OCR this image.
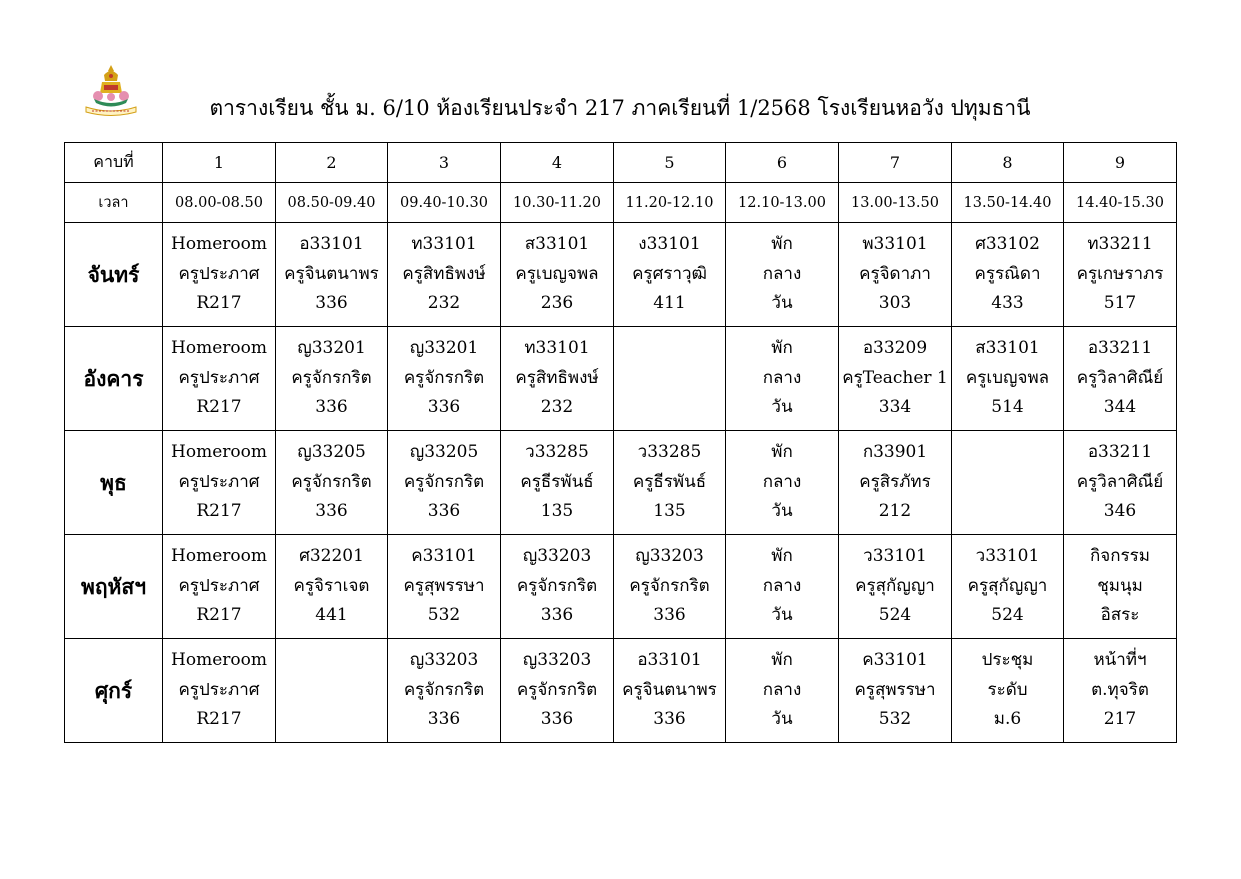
ตารางเรียน ชั้น ม. 6/10 ห้องเรียนประจำ 217 ภาคเรียนที่ 1/2568 โรงเรียนหอวัง ปทุมธานี
คาบที่	1	2	3	4	5	6	7	8	9
เวลา	08.00-08.50	08.50-09.40	09.40-10.30	10.30-11.20	11.20-12.10	12.10-13.00	13.00-13.50	13.50-14.40	14.40-15.30
จันทร์	Homeroom
ครูประภาศ
R217	อ33101
ครูจินตนาพร
336	ท33101
ครูสิทธิพงษ์
232	ส33101
ครูเบญจพล
236	ง33101
ครูศราวุฒิ
411	พัก
กลาง
วัน	พ33101
ครูจิดาภา
303	ศ33102
ครูรณิดา
433	ท33211
ครูเกษราภร
517

อังคาร	Homeroom
ครูประภาศ
R217	ญ33201
ครูจักรกริต
336	ญ33201
ครูจักรกริต
336	ท33101
ครูสิทธิพงษ์
232		พัก
กลาง
วัน	อ33209
ครูTeacher 1
334	ส33101
ครูเบญจพล
514	อ33211
ครูวิลาศิณีย์
344

พุธ	Homeroom
ครูประภาศ
R217	ญ33205
ครูจักรกริต
336	ญ33205
ครูจักรกริต
336	ว33285
ครูธีรพันธ์
135	ว33285
ครูธีรพันธ์
135	พัก
กลาง
วัน	ก33901
ครูสิรภัทร
212		อ33211
ครูวิลาศิณีย์
346

พฤหัสฯ	Homeroom
ครูประภาศ
R217	ศ32201
ครูจิราเจต
441	ค33101
ครูสุพรรษา
532	ญ33203
ครูจักรกริต
336	ญ33203
ครูจักรกริต
336	พัก
กลาง
วัน	ว33101
ครูสุกัญญา
524	ว33101
ครูสุกัญญา
524	กิจกรรม
ชุมนุม
อิสระ

ศุกร์	Homeroom
ครูประภาศ
R217		ญ33203
ครูจักรกริต
336	ญ33203
ครูจักรกริต
336	อ33101
ครูจินตนาพร
336	พัก
กลาง
วัน	ค33101
ครูสุพรรษา
532	ประชุม
ระดับ
ม.6	หน้าที่ฯ
ต.ทุจริต
217
